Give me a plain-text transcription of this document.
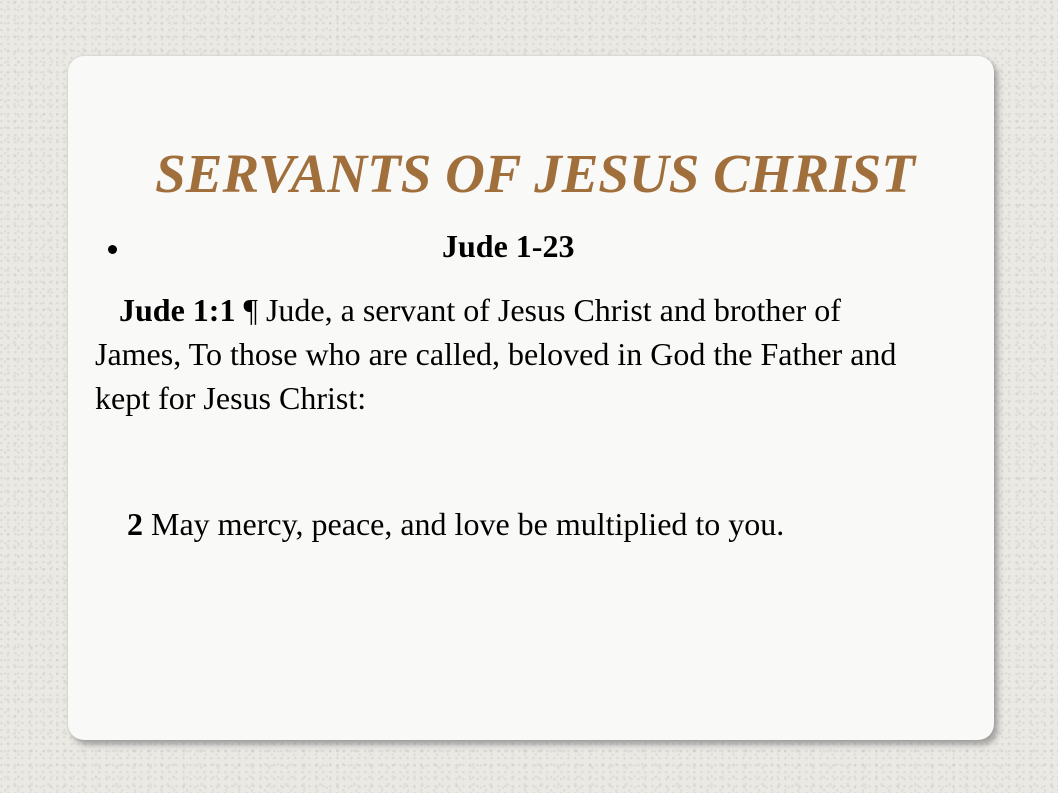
SERVANTS OF JESUS CHRIST
Jude 1-23

Jude 1:1 ¶ Jude, a servant of Jesus Christ and brother of James, To those who are called, beloved in God the Father and kept for Jesus Christ:

2 May mercy, peace, and love be multiplied to you.
